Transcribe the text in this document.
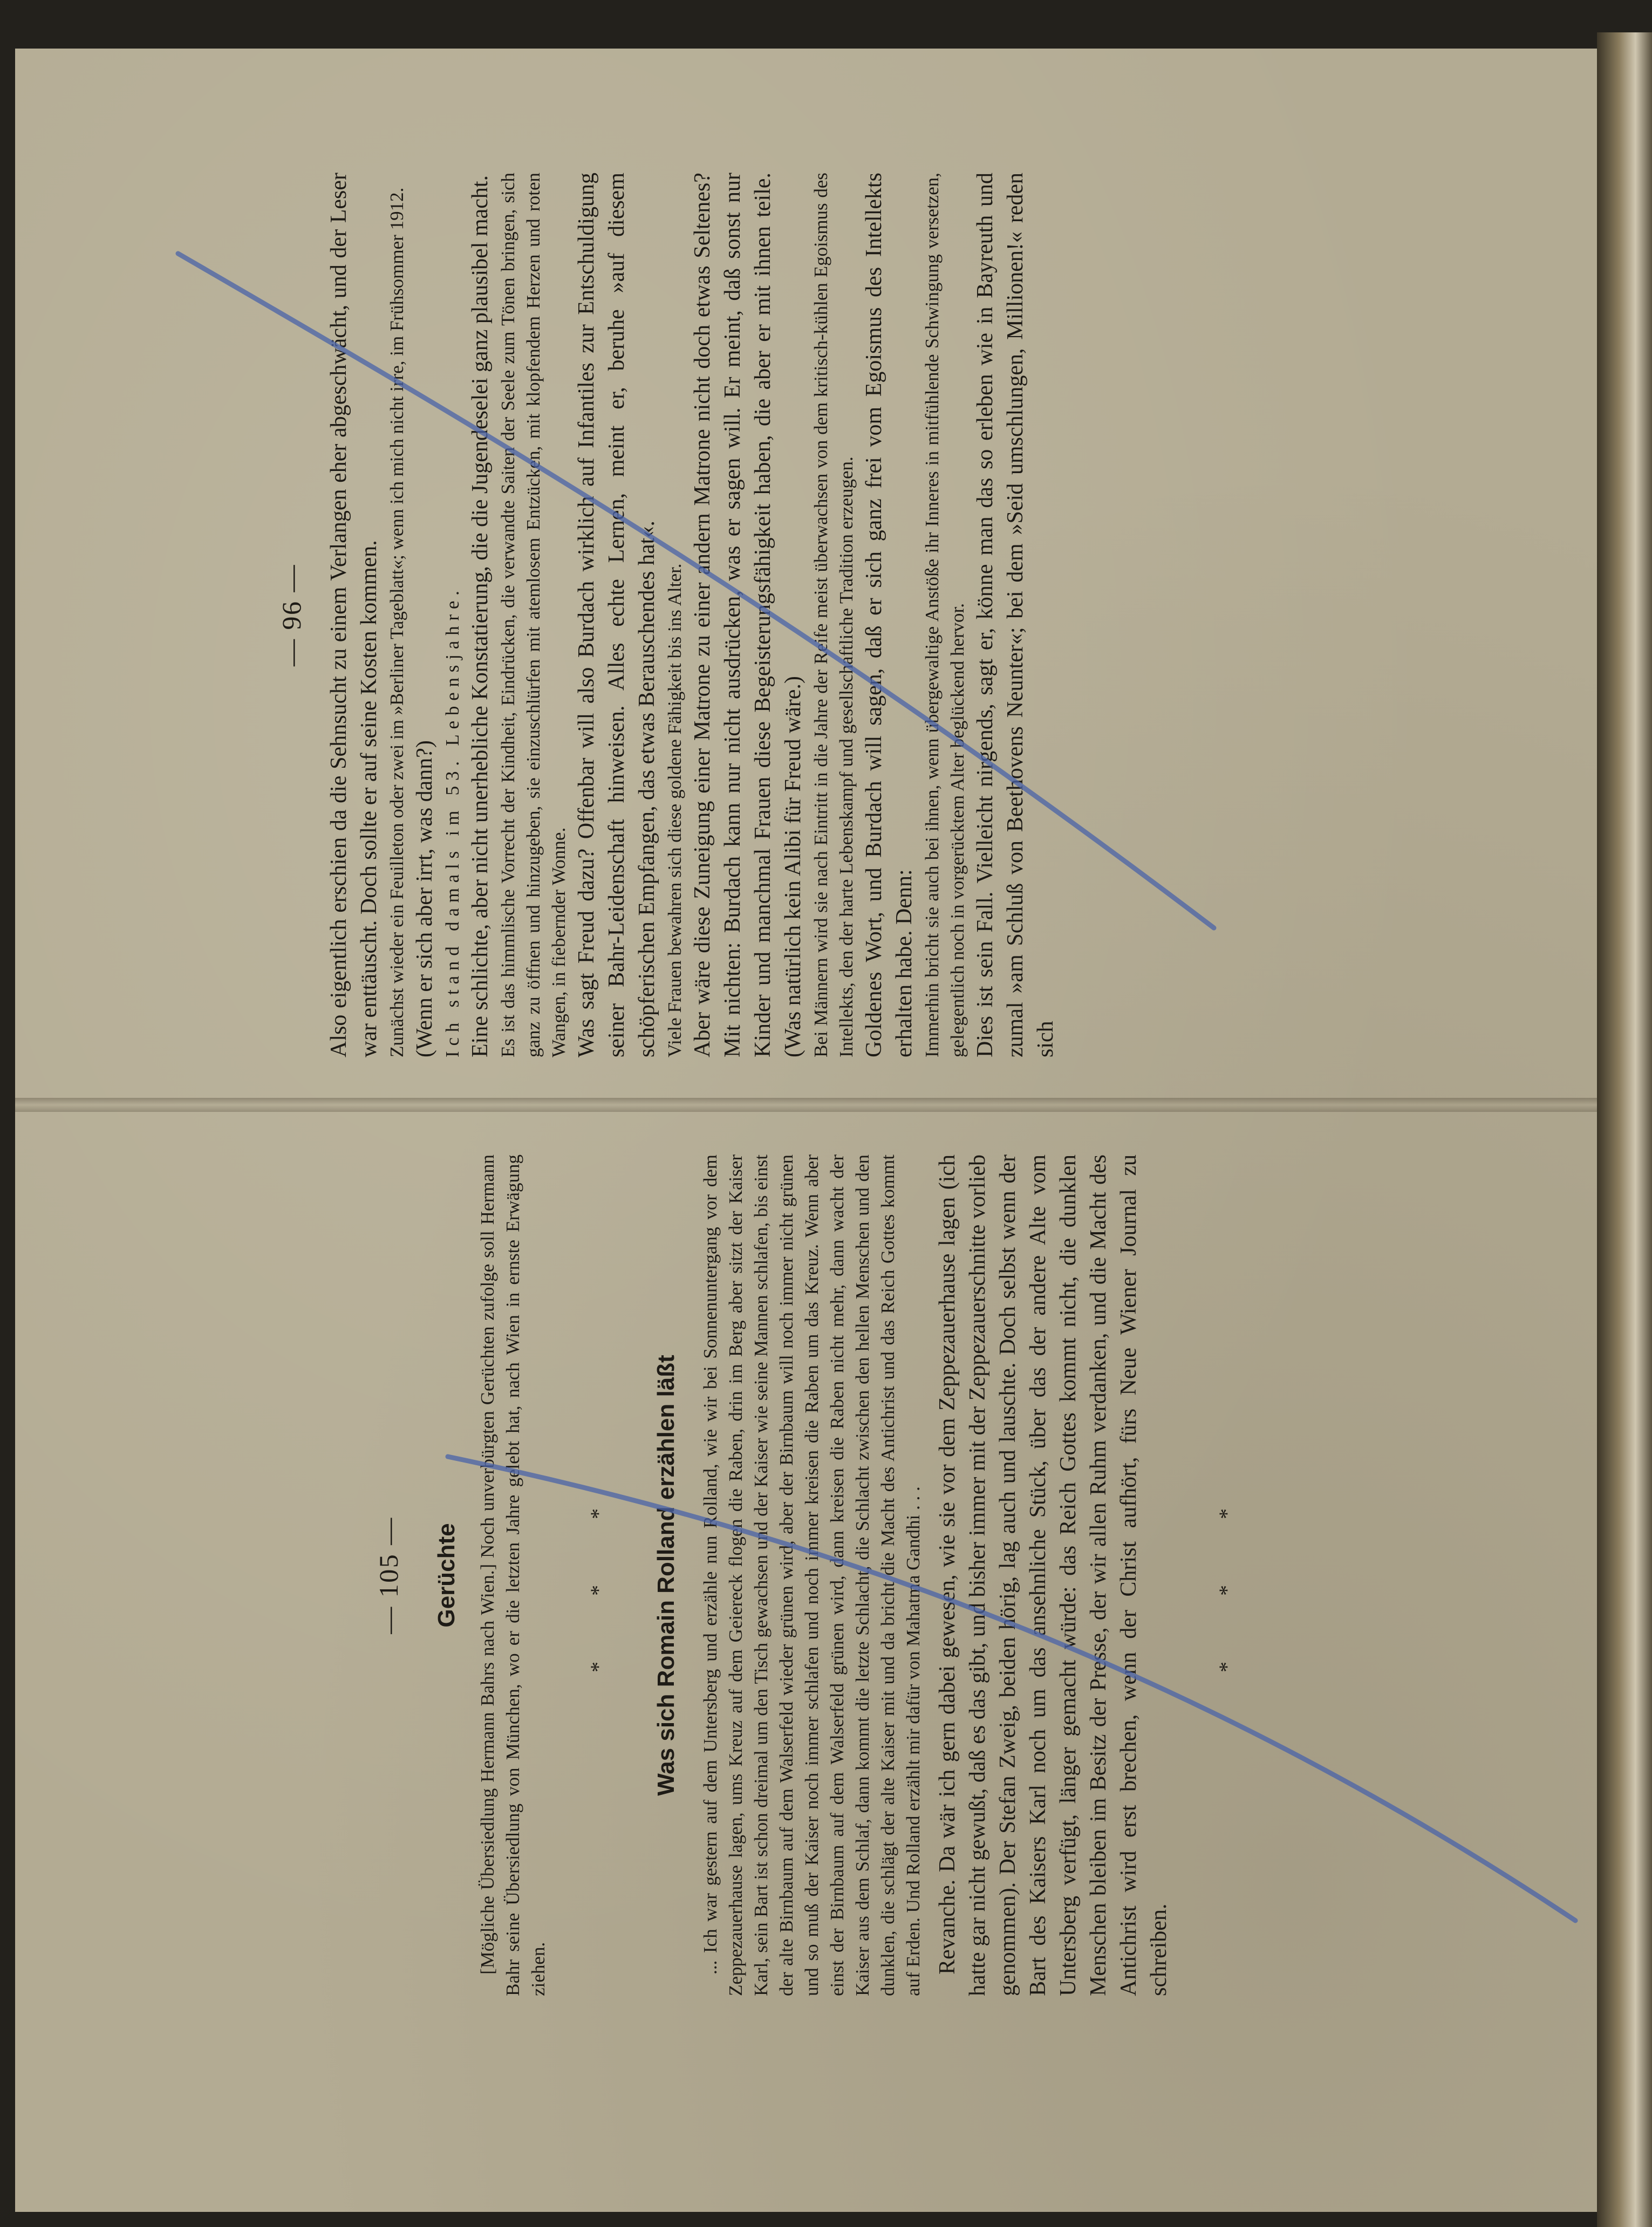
— 96 — Also eigentlich erschien da die Sehnsucht zu einem Verlangen eher abgeschwächt, und der Leser war enttäuscht. Doch sollte er auf seine Kosten kommen. Zunächst wieder ein Feuilleton oder zwei im »Berliner Tageblatt«; wenn ich mich nicht irre, im Frühsommer 1912. (Wenn er sich aber irrt, was dann?) Ich stand damals im 53. Lebensjahre. Eine schlichte, aber nicht unerhebliche Konstatierung, die die Jugendeselei ganz plausibel macht. Es ist das himmlische Vorrecht der Kindheit, Eindrücken, die verwandte Saiten der Seele zum Tönen bringen, sich ganz zu öffnen und hinzugeben, sie einzuschlürfen mit atemlosem Entzücken, mit klopfendem Herzen und roten Wangen, in fiebernder Wonne. Was sagt Freud dazu? Offenbar will also Burdach wirklich auf Infantiles zur Entschuldigung seiner Bahr-Leidenschaft hinweisen. Alles echte Lernen, meint er, beruhe »auf diesem schöpferischen Empfangen, das etwas Berauschendes hat«. Viele Frauen bewahren sich diese goldene Fähigkeit bis ins Alter. Aber wäre diese Zuneigung einer Matrone zu einer andern Matrone nicht doch etwas Seltenes? Mit nichten: Burdach kann nur nicht ausdrücken, was er sagen will. Er meint, daß sonst nur Kinder und manchmal Frauen diese Begeisterungsfähigkeit haben, die aber er mit ihnen teile. (Was natürlich kein Alibi für Freud wäre.) Bei Männern wird sie nach Eintritt in die Jahre der Reife meist überwachsen von dem kritisch-kühlen Egoismus des Intellekts, den der harte Lebenskampf und gesellschaftliche Tradition erzeugen. Goldenes Wort, und Burdach will sagen, daß er sich ganz frei vom Egoismus des Intellekts erhalten habe. Denn: Immerhin bricht sie auch bei ihnen, wenn übergewaltige Anstöße ihr Inneres in mitfühlende Schwingung versetzen, gelegentlich noch in vorgerücktem Alter beglückend hervor. Dies ist sein Fall. Vielleicht nirgends, sagt er, könne man das so erleben wie in Bayreuth und zumal »am Schluß von Beethovens Neunter«; bei dem »Seid umschlungen, Millionen!« reden sich

— 105 — Gerüchte [Mögliche Übersiedlung Hermann Bahrs nach Wien.] Noch unverbürgten Gerüchten zufolge soll Hermann Bahr seine Übersiedlung von München, wo er die letzten Jahre gelebt hat, nach Wien in ernste Erwägung ziehen.

* * * Was sich Romain Rolland erzählen läßt ... Ich war gestern auf dem Untersberg und erzähle nun Rolland, wie wir bei Sonnenuntergang vor dem Zeppezauerhause lagen, ums Kreuz auf dem Geiereck flogen die Raben, drin im Berg aber sitzt der Kaiser Karl, sein Bart ist schon dreimal um den Tisch gewachsen und der Kaiser wie seine Mannen schlafen, bis einst der alte Birnbaum auf dem Walserfeld wieder grünen wird, aber der Birnbaum will noch immer nicht grünen und so muß der Kaiser noch immer schlafen und noch immer kreisen die Raben um das Kreuz. Wenn aber einst der Birnbaum auf dem Walserfeld grünen wird, dann kreisen die Raben nicht mehr, dann wacht der Kaiser aus dem Schlaf, dann kommt die letzte Schlacht, die Schlacht zwischen den hellen Menschen und den dunklen, die schlägt der alte Kaiser mit und da bricht die Macht des Antichrist und das Reich Gottes kommt auf Erden. Und Rolland erzählt mir dafür von Mahatma Gandhi . . . Revanche. Da wär ich gern dabei gewesen, wie sie vor dem Zeppezauerhause lagen (ich hatte gar nicht gewußt, daß es das gibt, und bisher immer mit der Zeppezauerschnitte vorlieb genommen). Der Stefan Zweig, beiden hörig, lag auch und lauschte. Doch selbst wenn der Bart des Kaisers Karl noch um das ansehnliche Stück, über das der andere Alte vom Untersberg verfügt, länger gemacht würde: das Reich Gottes kommt nicht, die dunklen Menschen bleiben im Besitz der Presse, der wir allen Ruhm verdanken, und die Macht des Antichrist wird erst brechen, wenn der Christ aufhört, fürs Neue Wiener Journal zu schreiben.

* * *
